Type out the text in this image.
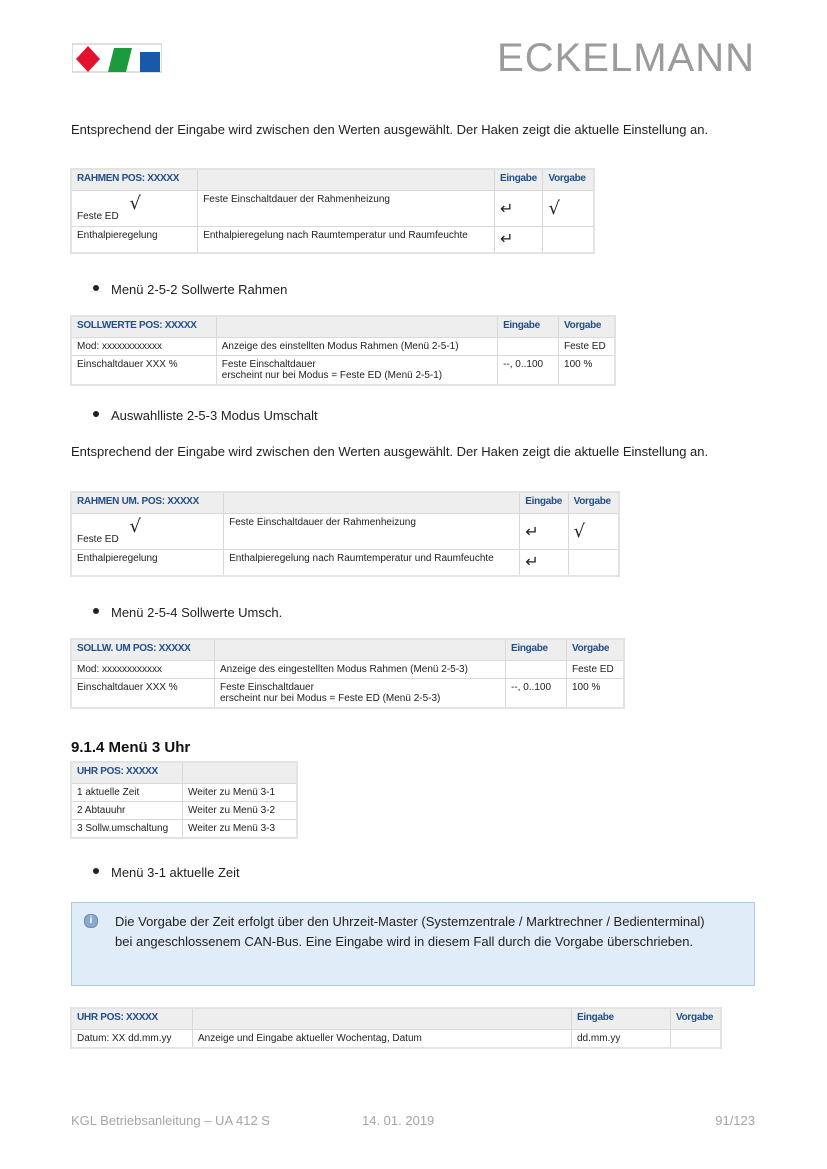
ECKELMANN
Entsprechend der Eingabe wird zwischen den Werten ausgewählt. Der Haken zeigt die aktuelle Einstellung an.
RAHMEN POS: XXXXX		Eingabe	Vorgabe
Feste ED √	Feste Einschaltdauer der Rahmenheizung	↵	√
Enthalpieregelung	Enthalpieregelung nach Raumtemperatur und Raumfeuchte	↵	
Menü 2-5-2 Sollwerte Rahmen
SOLLWERTE POS: XXXXX		Eingabe	Vorgabe
Mod: xxxxxxxxxxxx	Anzeige des einstellten Modus Rahmen (Menü 2-5-1)		Feste ED
Einschaltdauer XXX %	Feste Einschaltdauer
erscheint nur bei Modus = Feste ED (Menü 2-5-1)	--, 0..100	100 %
Auswahlliste 2-5-3 Modus Umschalt
Entsprechend der Eingabe wird zwischen den Werten ausgewählt. Der Haken zeigt die aktuelle Einstellung an.
RAHMEN UM. POS: XXXXX		Eingabe	Vorgabe
Feste ED √	Feste Einschaltdauer der Rahmenheizung	↵	√
Enthalpieregelung	Enthalpieregelung nach Raumtemperatur und Raumfeuchte	↵	
Menü 2-5-4 Sollwerte Umsch.
SOLLW. UM POS: XXXXX		Eingabe	Vorgabe
Mod: xxxxxxxxxxxx	Anzeige des eingestellten Modus Rahmen (Menü 2-5-3)		Feste ED
Einschaltdauer XXX %	Feste Einschaltdauer
erscheint nur bei Modus = Feste ED (Menü 2-5-3)	--, 0..100	100 %
9.1.4 Menü 3 Uhr
UHR POS: XXXXX	
1 aktuelle Zeit	Weiter zu Menü 3-1
2 Abtauuhr	Weiter zu Menü 3-2
3 Sollw.umschaltung	Weiter zu Menü 3-3
Menü 3-1 aktuelle Zeit
i	Die Vorgabe der Zeit erfolgt über den Uhrzeit-Master (Systemzentrale / Marktrechner / Bedienterminal) bei angeschlossenem CAN-Bus. Eine Eingabe wird in diesem Fall durch die Vorgabe überschrieben.
UHR POS: XXXXX		Eingabe	Vorgabe
Datum: XX dd.mm.yy	Anzeige und Eingabe aktueller Wochentag, Datum	dd.mm.yy	
KGL Betriebsanleitung – UA 412 S	14. 01. 2019	91/123
